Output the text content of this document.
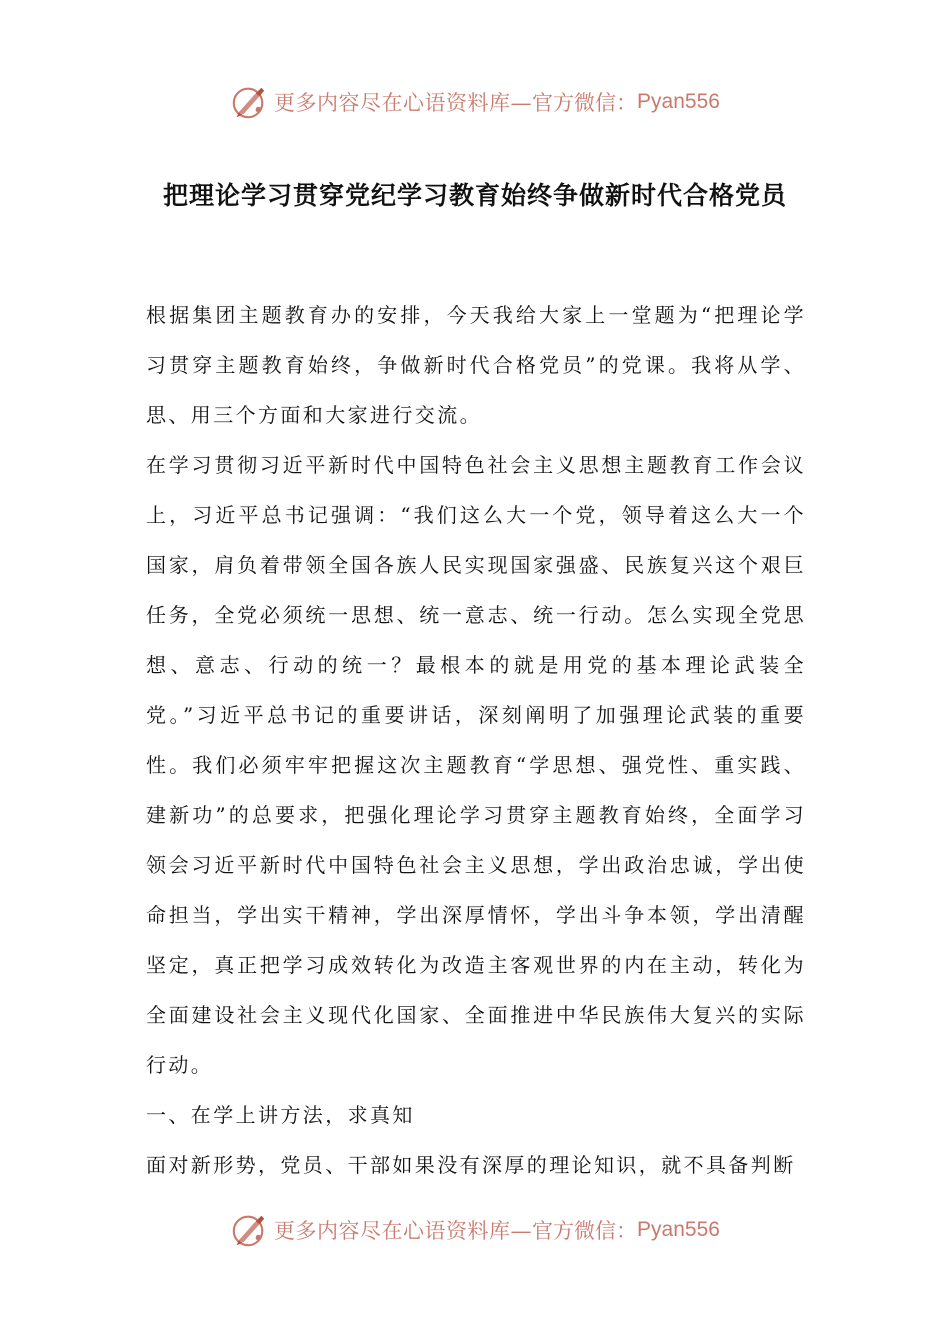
更多内容尽在心语资料库— 官方微信： Pyan556
把理论学习贯穿党纪学习教育始终争做新时代合格党员

根据集团主题教育办的安排，今天我给大家上一堂题为“把理论学习贯穿主题教育始终，争做新时代合格党员”的党课。我将从学、思、用三个方面和大家进行交流。

在学习贯彻习近平新时代中国特色社会主义思想主题教育工作会议上，习近平总书记强调：“我们这么大一个党，领导着这么大一个国家，肩负着带领全国各族人民实现国家强盛、民族复兴这个艰巨任务，全党必须统一思想、统一意志、统一行动。怎么实现全党思想、意志、行动的统一？最根本的就是用党的基本理论武装全党。”习近平总书记的重要讲话，深刻阐明了加强理论武装的重要性。我们必须牢牢把握这次主题教育“学思想、强党性、重实践、建新功”的总要求，把强化理论学习贯穿主题教育始终，全面学习领会习近平新时代中国特色社会主义思想，学出政治忠诚，学出使命担当，学出实干精神，学出深厚情怀，学出斗争本领，学出清醒坚定，真正把学习成效转化为改造主客观世界的内在主动，转化为全面建设社会主义现代化国家、全面推进中华民族伟大复兴的实际行动。

一、在学上讲方法，求真知

面对新形势，党员、干部如果没有深厚的理论知识，就不具备判断

更多内容尽在心语资料库— 官方微信： Pyan556
